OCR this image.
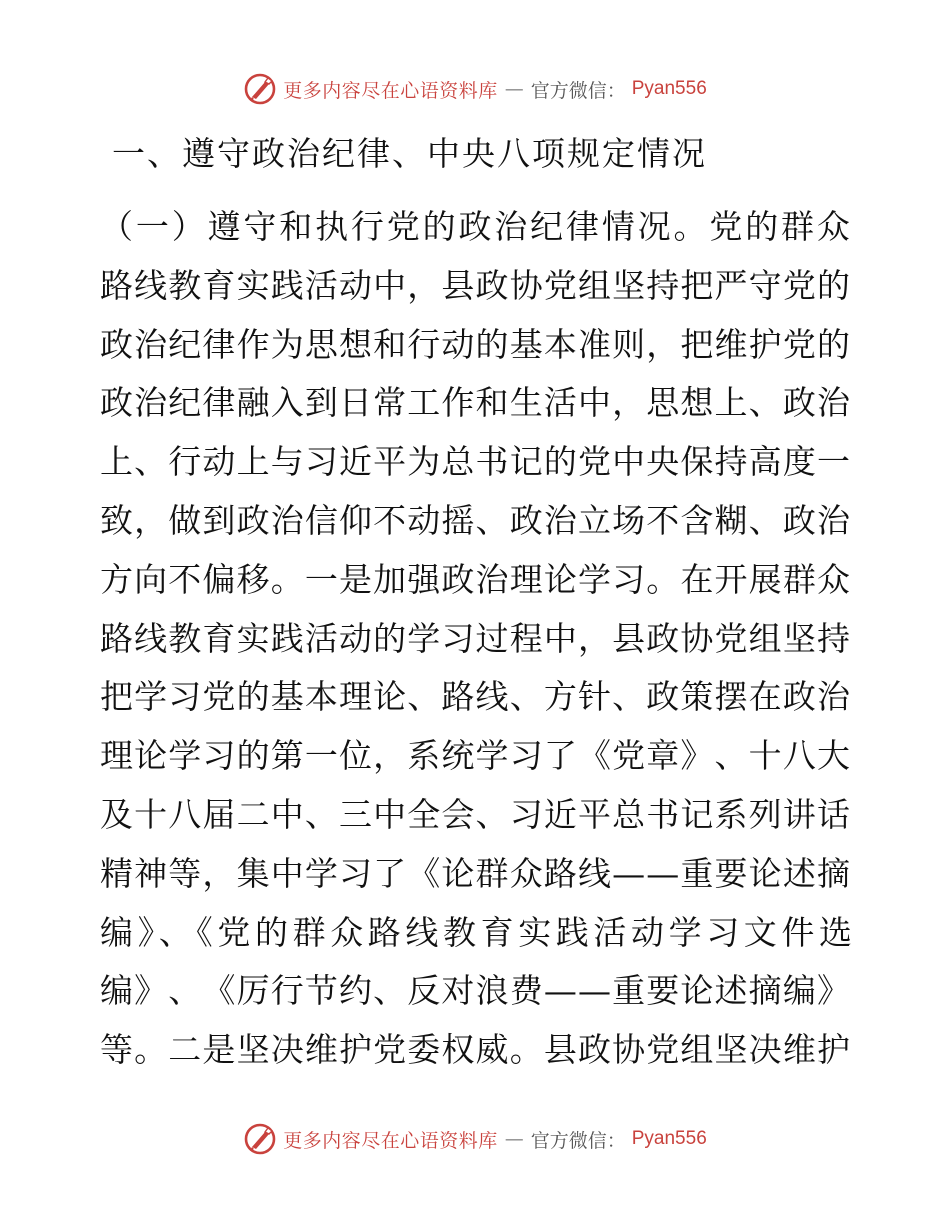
更多内容尽在心语资料库 — 官方微信： Pyan556
一、遵守政治纪律、中央八项规定情况
（ 一 ） 遵 守 和 执 行 党 的 政 治 纪 律 情 况 。 党 的 群 众
路 线 教 育 实 践 活 动 中 ， 县 政 协 党 组 坚 持 把 严 守 党 的
政 治 纪 律 作 为 思 想 和 行 动 的 基 本 准 则 ， 把 维 护 党 的
政 治 纪 律 融 入 到 日 常 工 作 和 生 活 中 ， 思 想 上 、 政 治
上 、 行 动 上 与 习 近 平 为 总 书 记 的 党 中 央 保 持 高 度 一
致 ， 做 到 政 治 信 仰 不 动 摇 、 政 治 立 场 不 含 糊 、 政 治
方 向 不 偏 移 。 一 是 加 强 政 治 理 论 学 习 。 在 开 展 群 众
路 线 教 育 实 践 活 动 的 学 习 过 程 中 ， 县 政 协 党 组 坚 持
把 学 习 党 的 基 本 理 论 、 路 线 、 方 针 、 政 策 摆 在 政 治
理 论 学 习 的 第 一 位 ， 系 统 学 习 了 《 党 章 》 、 十 八 大
及 十 八 届 二 中 、 三 中 全 会 、 习 近 平 总 书 记 系 列 讲 话
精 神 等 ， 集 中 学 习 了 《 论 群 众 路 线 — — 重 要 论 述 摘
编》、《党的群众路线教育实践活动学习文件选
编 》 、 《 厉 行 节 约 、 反 对 浪 费 — — 重 要 论 述 摘 编 》
等 。 二 是 坚 决 维 护 党 委 权 威 。 县 政 协 党 组 坚 决 维 护
更多内容尽在心语资料库 — 官方微信： Pyan556
